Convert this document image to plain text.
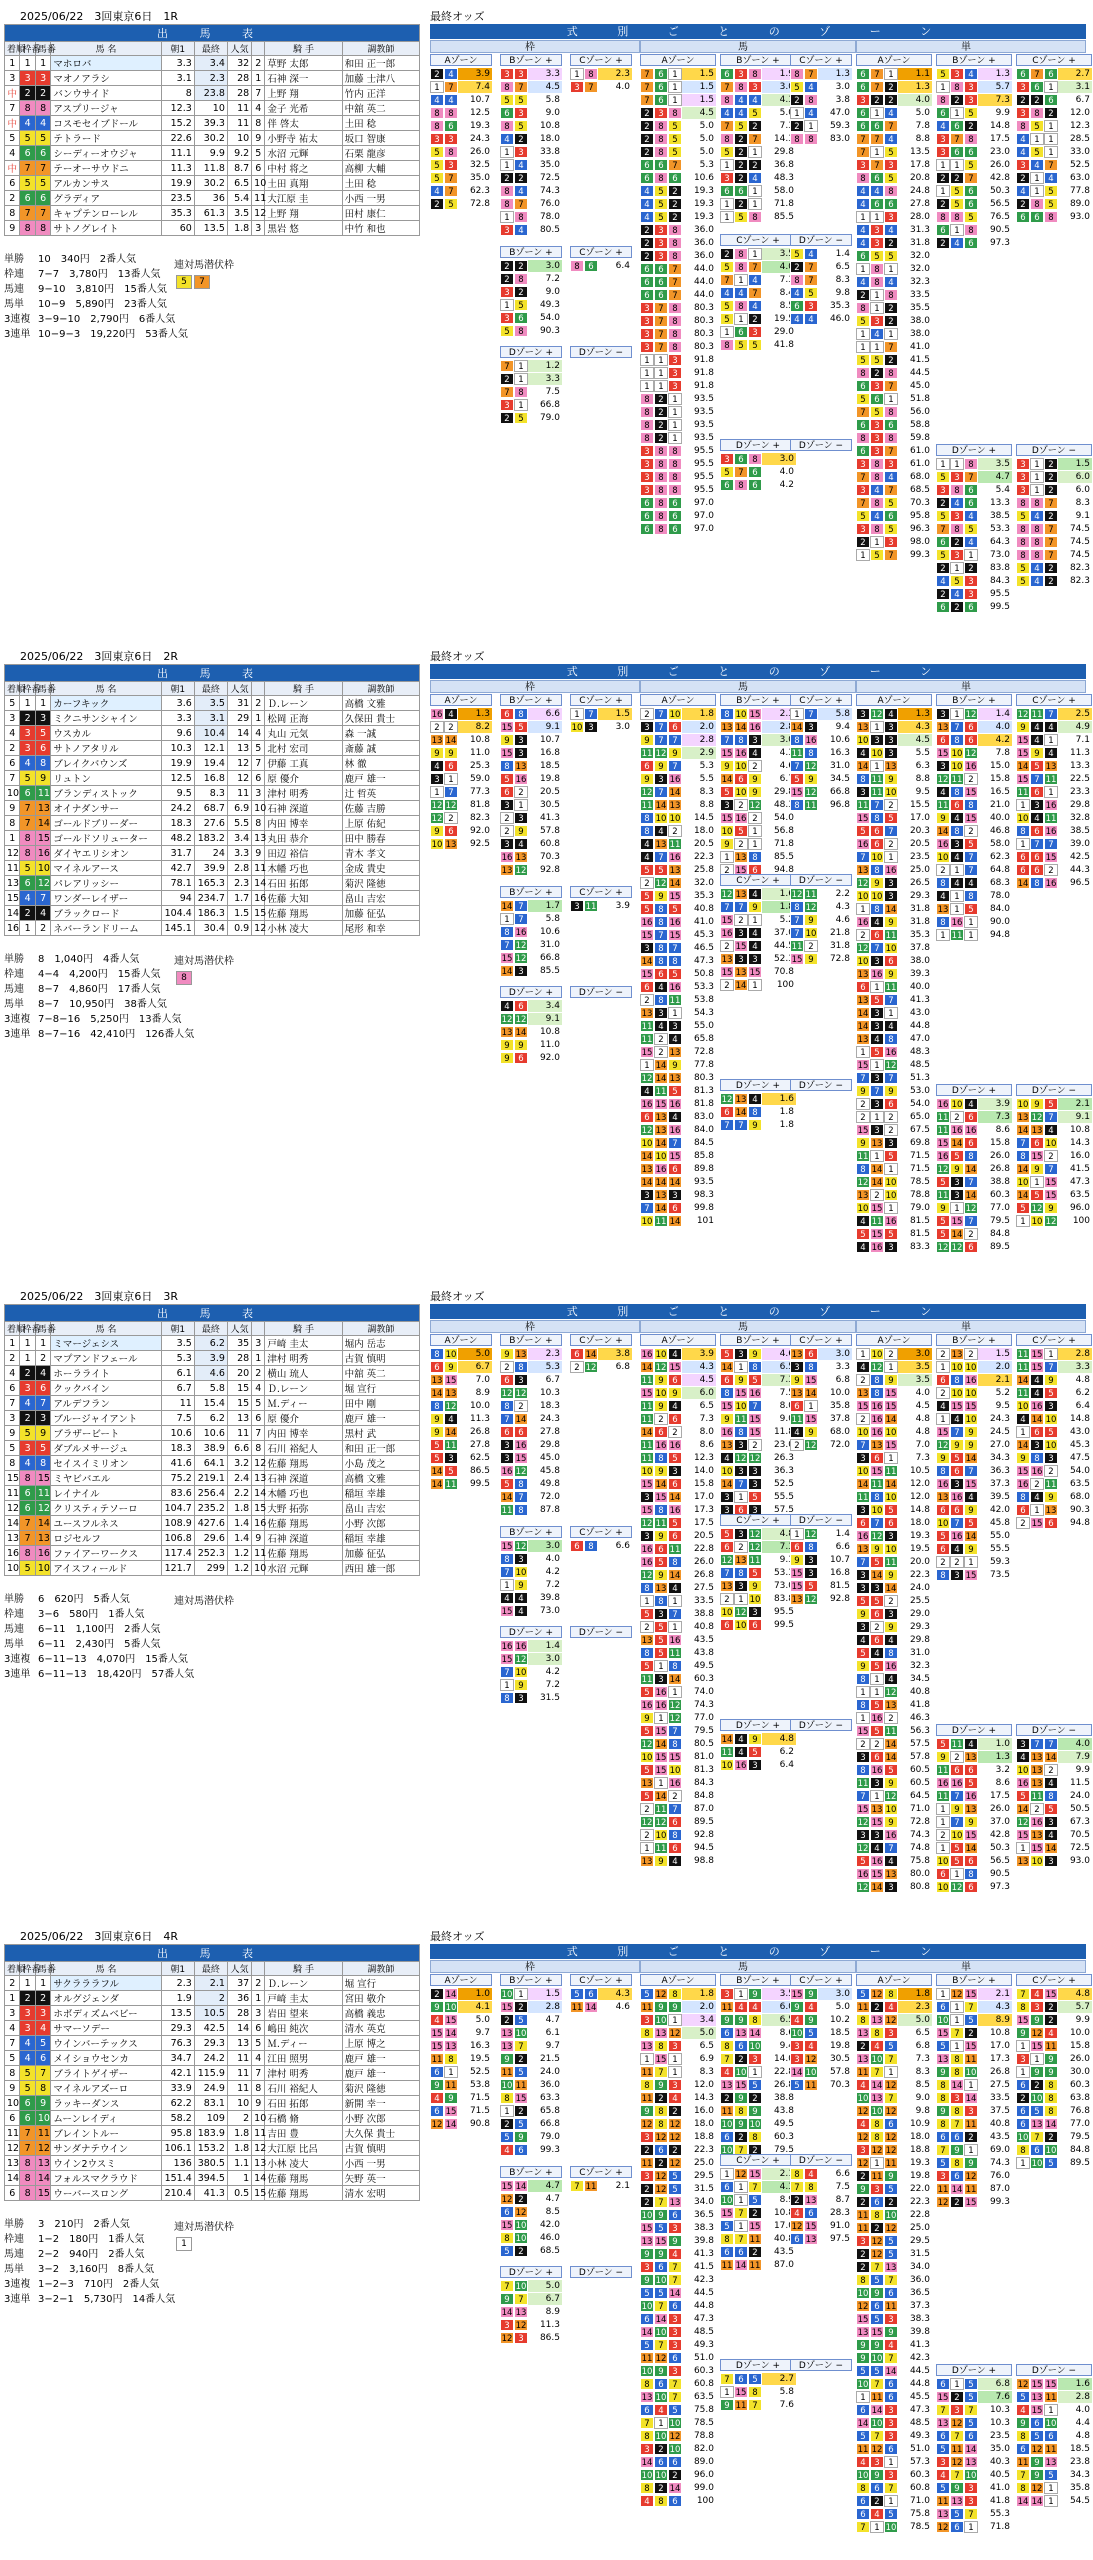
2025/06/22　3回東京6日　1R	最終オッズ
出 馬 表									
着順	枠番	馬番	馬 名	朝1	最終	人気		騎 手	調教師
1	1	1	マホロバ	3.3	3.4	32	2	草野 太郎	和田 正一郎
3	3	3	マオノアラシ	3.1	2.3	28	1	石神 深一	加藤 士津八
中	2	2	バンウサイド	8	23.8	28	7	上野 翔	竹内 正洋
7	8	8	アスプリージャ	12.3	10	11	4	金子 光希	中舘 英二
中	4	4	コスモセイブドール	15.2	39.3	11	8	伴 啓太	土田 稔
5	5	5	テトラード	22.6	30.2	10	9	小野寺 祐太	坂口 智康
4	6	6	シーディーオウジャ	11.1	9.9	9.2	5	水沼 元輝	石栗 龍彦
中	7	7	テーオーサウドニ	11.3	11.8	8.7	6	中村 将之	高柳 大輔
6	5	5	アルカンサス	19.9	30.2	6.5	10	土田 真翔	土田 稔
2	6	6	グラディア	23.5	36	5.4	11	大江原 圭	小西 一男
8	7	7	キャプテンローレル	35.3	61.3	3.5	12	上野 翔	田村 康仁
9	8	8	サトノグレイト	60	13.5	1.8	3	黒岩 悠	中竹 和也
単勝	10　340円　2番人気
枠連	7−7　3,780円　13番人気
馬連	9−10　3,810円　15番人気
馬単	10−9　5,890円　23番人気
3連複 3−9−10　2,790円　6番人気
3連単 10−9−3　19,220円　53番人気
連対馬潜伏枠
5 7
式 別 ご と の ゾ ー ン
枠	馬	単
Aゾーン
2	4	3.9
1	7	7.4
4	4	10.7
8	8	12.5
8	6	19.3
3	3	24.3
5	8	26.0
5	3	32.5
5	7	35.0
4	7	62.3
2	5	72.8
Bゾーン +
3	3	3.3
8	7	4.5
5	5	5.8
6	3	9.0
8	5	10.8
4	2	18.0
1	3	33.8
1	4	35.0
2	2	72.5
8	4	74.3
8	7	76.0
1	8	78.0
3	4	80.5
Cゾーン +
1	8	2.3
3	7	4.0
Bゾーン +
2	2	3.0
2	8	7.2
3	2	9.0
1	5	49.3
3	6	54.0
5	8	90.3
Cゾーン +
8	6	6.4
Dゾーン +
7	1	1.2
2	1	3.3
7	8	7.5
3	1	66.8
2	5	79.0
Dゾーン −
Aゾーン
7	6	1	1.5
7	6	1	1.5
7	6	1	1.5
2	3	8	4.5
2	8	5	5.0
2	8	5	5.0
2	8	5	5.0
6	6	7	5.3
6	8	6	10.6
4	5	2	19.3
4	5	2	19.3
4	5	2	19.3
2	3	8	36.0
2	3	8	36.0
2	3	8	36.0
6	6	7	44.0
6	6	7	44.0
6	6	7	44.0
3	7	8	80.3
3	7	8	80.3
3	7	8	80.3
3	7	8	80.3
1	1	3	91.8
1	1	3	91.8
1	1	3	91.8
8	2	1	93.5
8	2	1	93.5
8	2	1	93.5
8	2	1	93.5
3	8	8	95.5
3	8	8	95.5
3	8	8	95.5
3	8	8	95.5
6	8	6	97.0
6	8	6	97.0
6	8	6	97.0
Bゾーン +
6	3	8	1.9
7	8	3	3.0
8	4	4	4.3
4	4	5	5.0
7	5	2	7.3
8	2	7	14.3
5	2	1	29.8
1	2	2	36.8
3	2	4	48.3
6	6	1	58.0
1	2	1	71.8
1	5	8	85.5
Cゾーン +
8	7	1.3
5	4	3.0
2	8	3.8
1	4	47.0
2	1	59.3
8	8	83.0
Cゾーン +
2	8	1	3.5
5	8	7	4.0
7	1	4	7.3
4	4	7	8.4
5	8	4	8.5
5	1	2	19.5
1	6	3	29.0
8	5	5	41.8
Dゾーン −
5	4	1.4
2	7	6.5
8	7	8.3
4	5	9.8
6	3	35.3
4	4	46.0
Dゾーン +
3	6	8	3.0
5	7	6	4.0
6	8	6	4.2
Dゾーン −
Aゾーン
6	7	1	1.1
6	7	2	1.3
3	2	2	4.0
6	1	4	5.0
6	6	7	7.8
7	7	4	8.8
7	1	5	13.5
3	7	3	17.8
8	6	5	20.8
4	4	8	24.8
4	6	6	27.8
1	1	3	28.0
4	3	4	31.3
4	3	2	31.8
6	5	5	32.0
1	8	1	32.0
4	8	4	32.3
2	1	8	33.5
8	1	2	35.5
5	3	2	38.0
1	4	1	38.0
1	1	7	41.0
5	5	2	41.5
8	2	8	44.5
6	3	7	45.0
5	6	1	51.8
7	5	8	56.0
6	3	6	58.8
8	3	8	59.8
6	3	7	61.0
3	8	3	61.0
7	8	4	68.0
3	4	7	68.5
7	8	5	70.3
5	4	6	95.8
3	8	5	96.3
2	1	3	98.0
1	5	7	99.3
Bゾーン +
5	3	4	1.3
1	8	3	5.7
8	2	3	7.3
6	1	5	9.9
4	6	2	14.8
3	7	8	17.5
3	6	6	23.0
1	1	5	26.0
2	2	7	42.8
1	5	6	50.3
2	5	6	56.5
8	8	5	76.5
6	1	8	90.5
2	4	6	97.3
Cゾーン +
6	7	6	2.7
3	6	1	3.1
2	2	6	6.7
3	8	2	12.0
8	5	1	12.3
4	1	1	28.5
4	5	1	33.0
3	4	7	52.5
2	1	4	63.0
4	1	5	77.8
2	8	5	89.0
6	6	8	93.0
Dゾーン +
1	1	8	3.5
5	3	7	4.7
3	8	6	5.4
2	4	6	13.3
5	3	4	38.5
7	8	5	53.3
6	2	4	64.3
5	3	1	73.0
2	1	2	83.8
4	5	3	84.3
2	4	3	95.5
6	2	6	99.5
Dゾーン −
3	1	2	1.5
3	1	2	6.0
3	1	2	6.0
8	8	7	8.3
5	4	2	9.1
8	8	7	74.5
8	8	7	74.5
8	8	7	74.5
5	4	2	82.3
5	4	2	82.3
2025/06/22　3回東京6日　2R	最終オッズ
出 馬 表									
着順	枠番	馬番	馬 名	朝1	最終	人気		騎 手	調教師
5	1	1	カーフキック	3.6	3.5	31	2	Ｄ.レーン	高橋 文雅
3	2	3	ミクニサンシャイン	3.3	3.1	29	1	松岡 正海	久保田 貴士
4	3	5	ウスカル	9.6	10.4	14	4	丸山 元気	森 一誠
2	3	6	サトノアタリル	10.3	12.1	13	5	北村 宏司	斎藤 誠
6	4	8	ブレイクバウンズ	19.9	19.4	12	7	伊藤 工真	林 徹
7	5	9	リュトン	12.5	16.8	12	6	原 優介	鹿戸 雄一
10	6	11	ブランディストック	9.5	8.3	11	3	津村 明秀	辻 哲英
9	7	13	オイナダンサー	24.2	68.7	6.9	10	石神 深道	佐藤 吉勝
8	7	14	ゴールドブリーダー	18.3	27.6	5.5	8	内田 博幸	上原 佑紀
1	8	15	ゴールドソリューター	48.2	183.2	3.4	13	丸田 恭介	田中 勝春
12	8	16	ダイヤエリシオン	31.7	24	3.3	9	田辺 裕信	青木 孝文
11	5	10	マイネルアース	42.7	39.9	2.8	11	木幡 巧也	金成 貴史
13	6	12	パレアリッシー	78.1	165.3	2.3	14	石田 拓郎	菊沢 隆徳
15	4	7	ワンダーレイザー	94	234.7	1.7	16	佐藤 大知	畠山 吉宏
14	2	4	ブラックロード	104.4	186.3	1.5	15	佐藤 翔馬	加藤 征弘
16	1	2	ネバーランドリーム	145.1	30.4	0.9	12	小林 凌大	尾形 和幸
単勝	8　1,040円　4番人気
枠連	4−4　4,200円　15番人気
馬連	8−7　4,860円　17番人気
馬単	8−7　10,950円　38番人気
3連複 7−8−16　5,250円　13番人気
3連単 8−7−16　42,410円　126番人気
連対馬潜伏枠
8
式 別 ご と の ゾ ー ン
枠	馬	単
Aゾーン
16 4	1.3
2	2	8.2
13 14	10.8
9	9	11.0
4	6	25.3
3	1	59.0
1	7	77.3
12 12	81.8
12 2	82.3
9	6	92.0
10 13	92.5
Bゾーン +
6	8	6.6
15 5	9.1
9	3	10.7
15 3	16.8
8 13	18.5
5 16	19.8
6	2	20.5
3	1	30.5
2	3	41.3
2	9	57.8
3	4	60.8
16 13	70.3
13 12	92.8
Cゾーン +
1	7	1.5
10 3	3.0
Bゾーン +
14 7	1.7
1	7	5.8
8 16	10.6
7 12	31.0
15 12	66.8
14 3	85.5
Cゾーン +
3 11	3.9
Dゾーン +
4	6	3.4
12 12	9.1
13 14	10.8
9	9	11.0
9	6	92.0
Dゾーン −
Aゾーン
2	7 10	1.8
3	7	6	2.0
9	7	7	2.8
11 12 9	2.9
6	9	7	5.3
9	3 16	5.5
12 7 14	8.3
11 14 13	8.8
8 10 10	14.5
8	4	2	18.0
4 13 11	20.5
4	7 16	22.3
5	5 13	25.8
2 12 14	32.0
5	9 15	35.3
5	8	5	40.8
16 8 16	41.0
15 7 15	45.3
3	8	7	46.5
14 8	8	47.3
15 6	5	50.8
6	4 16	53.3
2	8 11	53.8
13 3	1	54.3
11 4	3	55.0
11 2	4	65.8
15 2 13	72.8
1 14 9	77.8
12 14 13	80.3
4 11 5	81.3
16 15 16	81.8
6 13 4	83.0
12 13 16	84.0
10 14 7	84.5
14 10 15	85.8
13 16 6	89.8
14 14 14	93.5
3 13 3	98.3
7 14 6	99.8
10 11 14	101
Bゾーン +
8 10 15	2.3
13 14 16	2.8
7	8	3	3.0
15 16 4	4.3
9 10 2	4.6
14 6	9	6.7
5 10 9	29.8
3	2 12	48.3
15 16 2	54.0
10 5	1	56.8
9	2	1	71.8
1 13 8	85.5
2 15 6	94.8
Cゾーン +
1	7	5.8
14 3	9.4
8 16	10.6
11 8	16.3
7 12	31.0
5	9	34.5
15 12	66.8
8 11	96.8
Cゾーン +
12 13 4	1.6
7	7	9	1.8
15 2	1	5.2
16 3	4	37.0
2 15 4	44.5
13 3	3	52.3
15 13 15	70.8
2 14 1	100
Dゾーン −
12 11	2.2
8 12	4.3
7	9	4.6
7 10	21.8
11 2	31.8
15 9	72.8
Dゾーン +
12 13 4	1.6
6 14 8	1.8
7	7	9	1.8
Dゾーン −
Aゾーン
3 12 4	1.3
13 1	3	4.3
10 3	3	4.5
4 10 3	5.5
14 1 13	6.3
8 11 9	8.8
3 11 10	9.5
11 7	2	15.5
15 8	5	17.0
5	6	7	20.3
16 6	2	20.5
7 10 1	23.5
13 8 16	25.0
12 9	3	26.5
10 10 3	29.3
1	8 14	31.8
16 4	9	31.8
2	6 11	35.3
12 7 10	37.8
10 3	6	38.0
13 16 9	39.3
6	1 11	40.0
13 5	7	41.3
14 3	1	43.0
14 3	4	44.8
13 4	8	47.0
1	5 16	48.3
15 1 12	48.5
7	3	7	51.3
9	7	9	53.0
2	3	6	54.0
2	1	2	65.0
15 3	2	67.5
9 13 3	69.8
11 1	5	71.5
8 14 1	71.5
12 14 10	78.5
13 2 10	78.8
10 15 1	79.0
4 11 16	81.5
5 15 5	81.5
4 16 3	83.3
Bゾーン +
3	1 12	1.4
13 7	6	4.0
6	8	6	4.2
15 10 12	7.8
3 10 16	15.0
12 11 2	15.8
4	8 15	16.5
11 6	8	21.0
9	4 15	40.0
14 8	2	46.8
16 3	5	58.0
10 4	7	62.3
2	1	7	64.8
8	4	4	68.3
4	1	8	78.0
13 1	5	84.0
8 16 1	90.0
1 11 1	94.8
Cゾーン +
12 11 7	2.5
9	4	4	4.9
15 4	1	7.1
15 9	4	11.3
14 5 13	13.3
15 7 11	22.5
11 6	1	23.3
1	3 16	29.8
10 4 11	32.8
8	6 16	38.5
1	7	7	39.0
6	6 15	42.5
6	6	2	44.3
14 8 16	96.5
Dゾーン +
16 10 4	3.9
11 2	6	7.3
11 16 16	8.6
15 14 6	15.8
16 5	8	26.0
12 9 14	26.8
5	3	7	38.8
11 3 14	60.3
9	1 12	77.0
5 15 7	79.5
5 14 2	84.8
12 12 6	89.5
Dゾーン −
10 9	5	2.1
13 12 7	9.1
14 13 4	10.8
7	6 10	14.3
8 15 2	16.0
14 9	7	41.5
10 1 15	47.3
14 5 15	63.5
5 12 9	96.0
1 10 12	100
2025/06/22　3回東京6日　3R	最終オッズ
出 馬 表									
着順	枠番	馬番	馬 名	朝1	最終	人気		騎 手	調教師
1	1	1	ミマージェシス	3.5	6.2	35	3	戸崎 圭太	堀内 岳志
2	1	2	マプアンドフェール	5.3	3.9	28	1	津村 明秀	古賀 慎明
4	2	4	ホーラライト	6.1	4.6	20	2	横山 琉人	中舘 英二
6	3	6	クックバイン	6.7	5.8	15	4	Ｄ.レーン	堀 宣行
7	4	7	アルデフラン	11	15.4	15	5	Ｍ.ディー	田中 剛
3	2	3	ブルージャイアント	7.5	6.2	13	6	原 優介	鹿戸 雄一
9	5	9	ブラザービート	10.6	10.6	11	7	内田 博幸	黒村 武
5	3	5	ダブルメサージュ	18.3	38.9	6.6	8	石川 裕紀人	和田 正一郎
8	4	8	セイスイミリオン	41.6	64.1	3.2	12	佐藤 翔馬	小島 茂之
15	8	15	ミヤビバエル	75.2	219.1	2.4	13	石神 深道	高橋 文雅
11	6	11	レイナイル	83.6	256.4	2.2	14	木幡 巧也	稲垣 幸雄
12	6	12	クリスティテソーロ	104.7	235.2	1.8	15	大野 拓弥	畠山 吉宏
14	7	14	ユースフルネス	108.9	427.6	1.4	16	佐藤 翔馬	小野 次郎
13	7	13	ロジセルフ	106.8	29.6	1.4	9	石神 深道	稲垣 幸雄
16	8	16	ファイアーワークス	117.4	252.3	1.2	11	佐藤 翔馬	加藤 征弘
10	5	10	アイスフィールド	121.7	299	1.2	10	水沼 元輝	西田 雄一郎
単勝	6　620円　5番人気
枠連	3−6　580円　1番人気
馬連	6−11　1,100円　2番人気
馬単	6−11　2,430円　5番人気
3連複 6−11−13　4,070円　15番人気
3連単 6−11−13　18,420円　57番人気
連対馬潜伏枠
式 別 ご と の ゾ ー ン
枠	馬	単
Aゾーン
8 10	5.0
6	9	6.7
13 15	7.0
14 13	8.9
8 12	10.0
9	4	11.3
9 14	26.8
5 11	27.8
5	3	62.5
14 5	86.5
14 11	99.5
Bゾーン +
9 13	2.3
2	8	5.3
6	3	6.7
12 12	10.3
8	2	18.3
7 14	24.3
6	6	27.8
3 16	29.8
3 15	45.0
16 12	45.8
5	8	49.8
14 7	72.0
11 8	87.8
Cゾーン +
6 14	3.8
2 12	6.8
Bゾーン +
15 12	3.0
8	3	4.0
7 10	4.2
1	9	7.2
4	4	39.8
15 4	73.0
Cゾーン +
6	8	6.6
Dゾーン +
16 16	1.4
15 12	3.0
7 10	4.2
1	9	7.2
8	3	31.5
Dゾーン −
Aゾーン
16 10 4	3.9
14 12 15	4.3
11 9	6	4.5
15 10 9	6.0
11 9	4	6.5
11 2	6	7.3
14 6	2	8.0
11 16 16	8.6
11 8	5	12.3
10 9	3	14.0
15 14 6	15.8
3 15 14	17.0
15 8 16	17.3
12 11 5	17.5
3	9	6	20.5
16 6 11	22.8
16 5	8	26.0
12 9 14	26.8
8 13 4	27.5
1	8	1	33.5
5	3	7	38.8
2	5	1	40.8
13 5 16	43.5
8	5 11	43.8
5	1	8	49.5
11 3 14	60.3
5 16 1	74.0
16 16 12	74.3
9	1 12	77.0
5 15 7	79.5
12 14 8	80.5
10 15 15	81.0
5 15 10	81.3
13 1 16	84.3
5 14 2	84.8
2 11 7	87.0
12 12 6	89.5
2 10 8	92.8
1 11 6	94.5
13 9	4	98.8
Bゾーン +
5	3	9	4.6
14 1	8	6.5
6	9	5	7.3
8 15 16	7.5
15 10 7	8.0
9 11 15	9.0
16 8 15	11.8
13 3	2	23.0
4 12 12	26.3
10 3	3	36.3
14 7	3	52.5
3	1	5	55.5
3	6	3	57.5
Cゾーン +
13 6	3.0
3	8	3.3
9 15	6.8
13 14	10.0
6	1	35.8
11 15	37.8
4	9	68.0
2 12	72.0
Cゾーン +
5	3 12	4.8
6	2 12	7.3
12 13 11	9.3
7	8	5	53.3
13 3	9	73.0
2	1 10	83.8
10 12 3	95.5
6 10 6	99.5
Dゾーン −
1 12	1.4
6	8	6.6
9	3	10.7
15 3	16.8
15 5	81.5
13 12	92.8
Dゾーン +
14 4	9	4.8
11 4	5	6.2
10 16 3	6.4
Dゾーン −
Aゾーン
1 10 2	3.0
4 12 1	3.5
2	8	9	3.5
13 8 15	4.0
15 16 15	4.5
2 16 14	4.8
10 16 10	4.8
7 13 15	7.0
3	6	1	7.3
10 15 11	10.5
14 11 14	12.0
11 8 10	12.0
3 10 5	14.8
6	7	6	18.0
16 12 3	19.3
13 9 10	19.5
7	5 11	20.0
3 14 9	22.3
3	3 14	24.0
5	5	2	25.5
9	6	3	29.0
3	2	9	29.3
4	6	4	29.8
5	4	8	31.0
9	5 16	32.3
8	1	4	34.5
1	1 12	40.8
8	5 13	41.8
1 16 2	46.3
15 5 11	56.3
2	2 14	57.5
3	6 14	57.8
8 16 5	60.5
11 3	9	60.5
7	1 12	64.5
15 13 10	71.0
12 15 9	72.8
3	3 16	74.3
12 4	7	74.8
5 16 4	75.8
16 15 13	80.0
12 14 3	80.8
Bゾーン +
2 13 2	1.5
1 10 10	2.0
6	8 16	2.1
2 10 10	5.2
4 15 15	9.5
1	4 10	24.3
15 7	9	24.5
12 9	9	27.0
9	5 14	34.3
8	6	7	36.3
16 3 15	37.3
13 16 4	39.5
6	6	9	42.0
10 7	5	45.8
5 16 14	55.0
6	4	9	55.5
2	2	1	59.3
8	3 15	73.5
Cゾーン +
11 15 1	2.8
11 15 7	3.3
14 4	9	4.8
11 4	5	6.2
10 16 3	6.4
4 14 10	14.8
1	6	5	43.0
14 3 10	45.3
9	8	3	47.5
15 16 2	54.0
16 2 11	63.5
8	4	9	68.0
6	1 13	90.3
2 15 6	94.8
Dゾーン +
5 11 4	1.0
9	2 13	1.3
11 6	6	3.2
16 16 5	8.6
11 7 16	17.5
1	9 13	26.0
1	7	9	37.0
2 10 15	42.8
1	5 14	50.3
10 5	6	56.5
6	1	8	90.5
10 12 6	97.3
Dゾーン −
3	7	7	4.0
4 13 14	7.9
10 13 2	9.9
16 13 4	11.5
5 11 8	24.0
14 2	5	50.5
12 16 3	67.3
15 13 4	70.5
1 15 14	72.5
13 10 3	93.0
2025/06/22　3回東京6日　4R	最終オッズ
出 馬 表									
着順	枠番	馬番	馬 名	朝1	最終	人気		騎 手	調教師
2	1	1	サクラララフル	2.3	2.1	37	2	Ｄ.レーン	堀 宣行
1	2	2	オルグジェンダ	1.9	2	36	1	戸崎 圭太	宮田 敬介
3	3	3	ホボディズムベビー	13.5	10.5	28	3	岩田 望来	高橋 義忠
4	3	4	サマーソデー	29.3	42.5	14	6	嶋田 純次	清水 英克
7	4	5	ウインバーテックス	76.3	29.3	13	5	Ｍ.ディー	上原 博之
5	4	6	メイショウセンカ	34.7	24.2	11	4	江田 照男	鹿戸 雄一
8	5	7	ブライトゲイザー	42.1	115.9	11	7	津村 明秀	鹿戸 雄一
9	5	8	マイネルアズーロ	33.9	24.9	11	8	石川 裕紀人	菊沢 隆徳
10	6	9	ラッキーダンス	62.2	83.1	10	9	石田 拓郎	新開 幸一
6	6	10	ムーンレイディ	58.2	109	2	10	石橋 脩	小野 次郎
11	7	11	ブレイントルー	95.8	183.9	1.8	11	吉田 豊	大久保 貴士
12	7	12	サンダナテウイン	106.1	153.2	1.8	12	大江原 比呂	古賀 慎明
13	8	13	ウイン2ウスミ	136	380.5	1.1	13	小林 凌大	小西 一男
14	8	14	フォルスマクラウド	151.4	394.5	1	14	佐藤 翔馬	矢野 英一
6	8	15	ウーバースロング	210.4	41.3	0.5	15	佐藤 翔馬	清水 宏明
単勝	3　210円　2番人気
枠連	1−2　180円　1番人気
馬連	2−2　940円　2番人気
馬単	3−2　3,160円　8番人気
3連複 1−2−3　710円　2番人気
3連単 3−2−1　5,730円　14番人気
連対馬潜伏枠
1
式 別 ご と の ゾ ー ン
枠	馬	単
Aゾーン
2 14	1.0
9 10	4.1
4 15	5.0
15 14	9.7
15 13	16.3
11 8	19.5
6	1	52.5
9 11	53.8
4	9	71.5
6 15	71.5
12 14	90.8
Bゾーン +
10 1	1.5
15 2	2.8
2	5	4.7
13 10	6.1
13 7	9.7
9	2	21.5
11 5	24.0
10 11	36.0
8 15	63.3
1	2	65.8
2	5	66.8
5	9	79.0
4	6	99.3
Cゾーン +
5	6	4.3
11 14	4.6
Bゾーン +
15 14	4.7
12 2	4.7
6 12	8.5
15 10	42.0
8 10	46.0
5	2	68.5
Cゾーン +
7 11	2.1
Dゾーン +
7 10	5.0
9	7	6.7
14 13	8.9
3 12	11.3
12 3	86.5
Dゾーン −
Aゾーン
5 12 8	1.8
11 9	9	2.0
3 10 1	3.4
8 13 12	5.0
13 8	3	6.5
1 15 1	6.9
11 7	1	8.3
8	9	3	12.0
11 2	4	14.3
9	8	2	16.0
12 8 12	18.0
3 12 12	18.8
2	6	2	22.3
11 2 12	25.0
3 12 5	29.5
2 12 5	31.5
2	7 13	34.0
10 9	6	36.5
15 5	3	38.3
13 15 9	39.8
9	9	4	41.3
3	6	7	41.5
9 10 7	42.3
5	5 14	44.5
10 7	6	44.8
6 14 3	47.3
14 10 3	48.5
5	7	3	49.3
11 12 6	51.0
10 9	3	60.3
8	6	7	60.8
13 10 7	63.5
6	4	5	75.8
7	1 10	78.5
8 10 12	78.8
3	2 10	82.0
14 6	6	89.0
10 10 2	96.0
8	2 14	99.0
4	8	6	100
Bゾーン +
3	1	9	3.5
11 4	4	6.0
9	9	8	6.5
6 13 14	8.6
8	6 10	9.4
7	2	3	14.0
4 10 1	22.8
13 15 5	26.8
2	9	2	38.8
11 8	9	43.8
10 9 10	49.5
6	2	8	60.3
10 7	2	79.5
Cゾーン +
15 9	3.0
9	4	5.0
4	9	10.2
10 5	18.5
3	4	19.8
3 12	30.5
14 10	57.8
5 11	70.3
Cゾーン +
1 12 15	2.1
6	1	7	4.3
10 1	5	8.9
15 7	2	10.8
5	1 15	17.0
8	7 11	40.8
6	6	2	43.5
11 14 11	87.0
Dゾーン −
8	4	6.6
7	8	7.5
2 13	8.7
4	6	28.3
12 15	91.0
6 13	97.5
Dゾーン +
7	6	5	2.7
1 15 8	5.8
9 11 7	7.6
Dゾーン −
Aゾーン
5 12 8	1.8
11 2	4	2.3
8 13 12	5.0
13 8	3	6.5
2	4	5	6.8
13 10 7	7.3
11 7	1	8.3
4 14 12	8.5
10 13 7	9.0
12 10 12	9.8
4	8	6	10.9
12 8 12	18.0
3 12 12	18.8
12 1 11	19.3
2 11 9	19.8
9	3	5	22.0
2	6	2	22.3
11 8 10	22.8
11 2 12	25.0
3 12 5	29.5
2 12 5	31.5
2	7 13	34.0
8	5	7	36.0
10 9	6	36.5
12 6 11	37.3
15 5	3	38.3
13 15 9	39.8
9	9	4	41.3
9 10 7	42.3
5	5 14	44.5
10 7	6	44.8
1 11 6	45.5
6 14 3	47.3
14 10 3	48.5
5	7	3	49.3
11 12 6	51.0
4	3	1	57.3
10 9	3	60.3
8	6	7	60.8
6	2	1	71.0
6	4	5	75.8
7	1 10	78.5
Bゾーン +
1 12 15	2.1
6	1	7	4.3
10 1	5	8.9
15 7	2	10.8
5	1 15	17.0
13 8 11	17.3
9	8 10	26.8
8 14 1	27.5
8	3 14	33.5
9	8	3	37.5
8	7 11	40.8
6	6	2	43.5
7	9	1	69.0
5	8	9	74.3
3	6 12	76.0
11 14 11	87.0
12 2 15	99.3
Cゾーン +
7	4 15	4.8
8	3	2	5.7
15 9	2	9.9
9 12 4	10.0
1 15 11	15.8
3	1	9	26.0
1	9	9	30.0
6	2	8	60.3
2 10 8	63.8
6	5	8	76.8
6 13 14	77.0
10 7	2	79.5
8	6 10	84.8
1 10 5	89.5
Dゾーン +
6	1	5	6.8
15 2	5	7.6
7	3	7	10.3
13 12 5	10.3
6	7	6	23.5
5 11 14	35.0
3 12 13	40.3
4	7 10	40.5
5	9	3	41.0
11 13 3	41.8
13 5	7	55.3
12 6	1	71.8
Dゾーン −
12 15 15	1.6
5 13 11	2.8
4 15 1	4.0
9	6 10	4.4
8	5	6	4.8
6 12 11	18.5
11 9 13	23.8
7	9	5	34.3
8 12 1	35.8
14 14 1	54.5
